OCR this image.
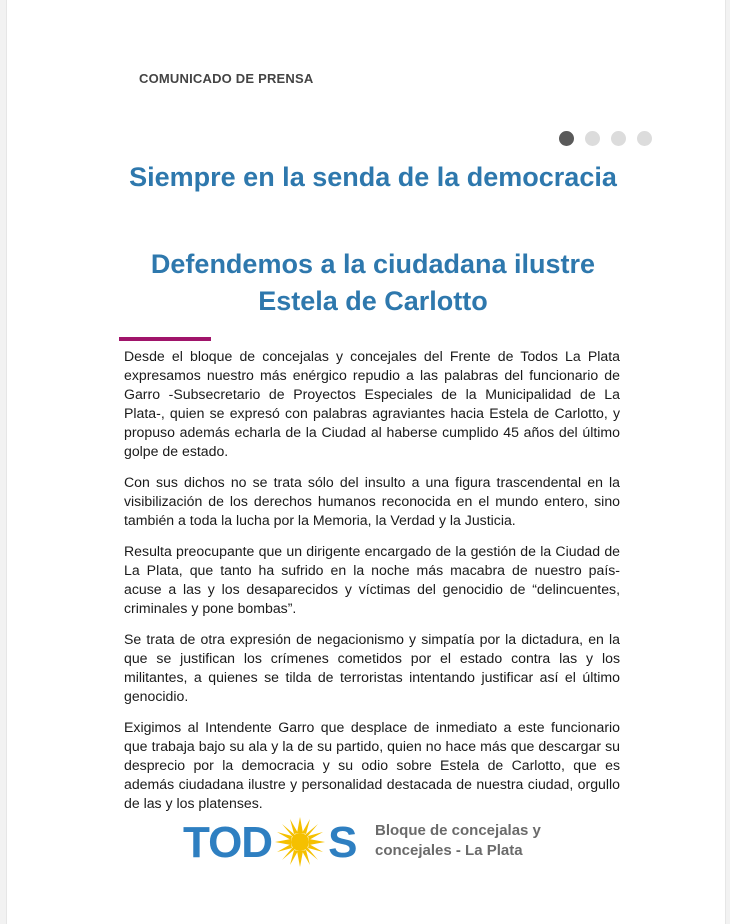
COMUNICADO DE PRENSA
Siempre en la senda de la democracia
Defendemos a la ciudadana ilustre Estela de Carlotto

Desde el bloque de concejalas y concejales del Frente de Todos La Plata expresamos nuestro más enérgico repudio a las palabras del funcionario de Garro -Subsecretario de Proyectos Especiales de la Municipalidad de La Plata-, quien se expresó con palabras agraviantes hacia Estela de Carlotto, y propuso además echarla de la Ciudad al haberse cumplido 45 años del último golpe de estado.

Con sus dichos no se trata sólo del insulto a una figura trascendental en la visibilización de los derechos humanos reconocida en el mundo entero, sino también a toda la lucha por la Memoria, la Verdad y la Justicia.

Resulta preocupante que un dirigente encargado de la gestión de la Ciudad de La Plata, que tanto ha sufrido en la noche más macabra de nuestro país- acuse a las y los desaparecidos y víctimas del genocidio de “delincuentes, criminales y pone bombas”.

Se trata de otra expresión de negacionismo y simpatía por la dictadura, en la que se justifican los crímenes cometidos por el estado contra las y los militantes, a quienes se tilda de terroristas intentando justificar así el último genocidio.

Exigimos al Intendente Garro que desplace de inmediato a este funcionario que trabaja bajo su ala y la de su partido, quien no hace más que descargar su desprecio por la democracia y su odio sobre Estela de Carlotto, que es además ciudadana ilustre y personalidad destacada de nuestra ciudad, orgullo de las y los platenses.

TOD S	Bloque de concejalas y
concejales - La Plata
